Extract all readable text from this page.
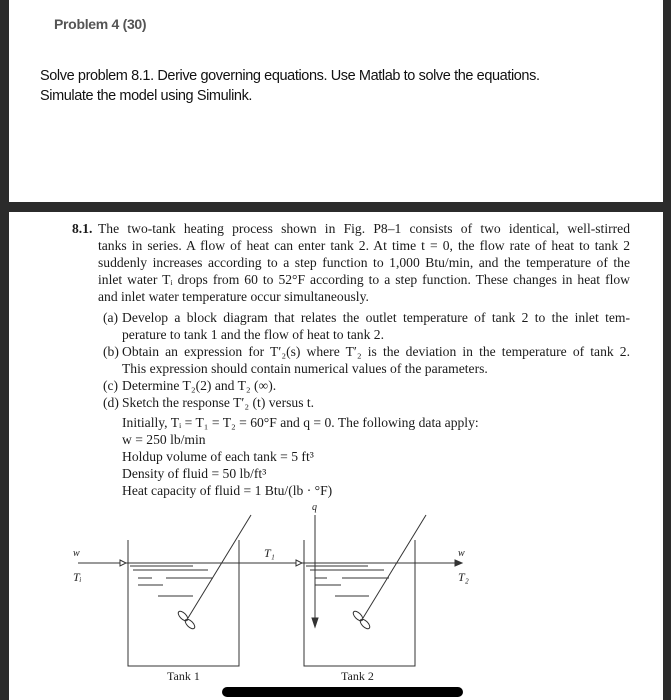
Problem 4 (30)
Solve problem 8.1. Derive governing equations. Use Matlab to solve the equations.
Simulate the model using Simulink.
8.1. The two-tank heating process shown in Fig. P8–1 consists of two identical, well-stirred
tanks in series. A flow of heat can enter tank 2. At time t = 0, the flow rate of heat to tank 2
suddenly increases according to a step function to 1,000 Btu/min, and the temperature of the
inlet water Tᵢ drops from 60 to 52°F according to a step function. These changes in heat flow
and inlet water temperature occur simultaneously.
(a) Develop a block diagram that relates the outlet temperature of tank 2 to the inlet tem-
perature to tank 1 and the flow of heat to tank 2.
(b) Obtain an expression for T′₂(s) where T′₂ is the deviation in the temperature of tank 2.
This expression should contain numerical values of the parameters.
(c) Determine T₂(2) and T₂ (∞).
(d) Sketch the response T′₂ (t) versus t.
Initially, Tᵢ = T₁ = T₂ = 60°F and q = 0. The following data apply:
w = 250 lb/min
Holdup volume of each tank = 5 ft³
Density of fluid = 50 lb/ft³
Heat capacity of fluid = 1 Btu/(lb · °F)
w
Tᵢ
T₁
q
w
T₂
Tank 1	Tank 2
